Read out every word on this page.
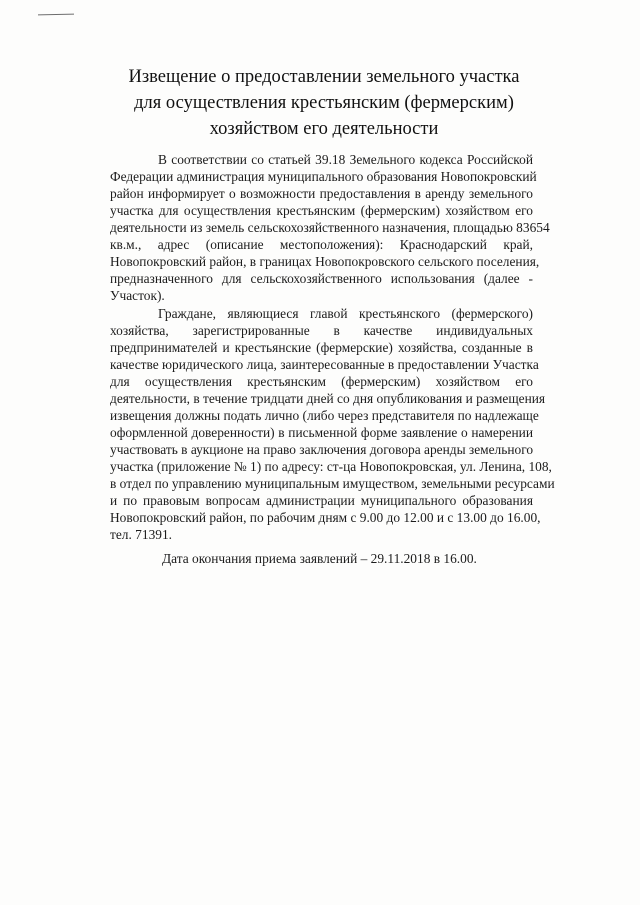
Извещение о предоставлении земельного участка для осуществления крестьянским (фермерским) хозяйством его деятельности

В соответствии со статьей 39.18 Земельного кодекса Российской

Федерации администрация муниципального образования Новопокровский

район информирует о возможности предоставления в аренду земельного

участка для осуществления крестьянским (фермерским) хозяйством его

деятельности из земель сельскохозяйственного назначения, площадью 83654

кв.м., адрес (описание местоположения): Краснодарский край,

Новопокровский район, в границах Новопокровского сельского поселения,

предназначенного для сельскохозяйственного использования (далее -

Участок).

Граждане, являющиеся главой крестьянского (фермерского)

хозяйства, зарегистрированные в качестве индивидуальных

предпринимателей и крестьянские (фермерские) хозяйства, созданные в

качестве юридического лица, заинтересованные в предоставлении Участка

для осуществления крестьянским (фермерским) хозяйством его

деятельности, в течение тридцати дней со дня опубликования и размещения

извещения должны подать лично (либо через представителя по надлежаще

оформленной доверенности) в письменной форме заявление о намерении

участвовать в аукционе на право заключения договора аренды земельного

участка (приложение № 1) по адресу: ст-ца Новопокровская, ул. Ленина, 108,

в отдел по управлению муниципальным имуществом, земельными ресурсами

и по правовым вопросам администрации муниципального образования

Новопокровский район, по рабочим дням с 9.00 до 12.00 и с 13.00 до 16.00,

тел. 71391.

Дата окончания приема заявлений – 29.11.2018 в 16.00.
